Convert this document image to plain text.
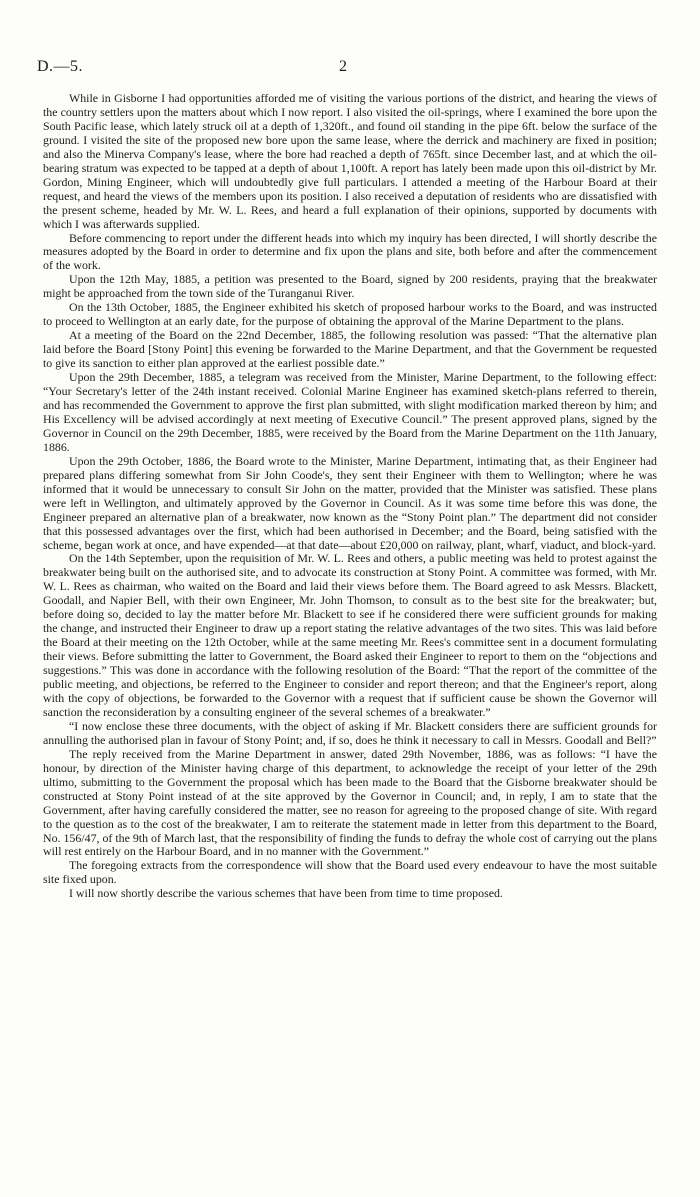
D.—5.	2

While in Gisborne I had opportunities afforded me of visiting the various portions of the district, and hearing the views of the country settlers upon the matters about which I now report. I also visited the oil-springs, where I examined the bore upon the South Pacific lease, which lately struck oil at a depth of 1,320ft., and found oil standing in the pipe 6ft. below the surface of the ground. I visited the site of the proposed new bore upon the same lease, where the derrick and machinery are fixed in position; and also the Minerva Company's lease, where the bore had reached a depth of 765ft. since December last, and at which the oil-bearing stratum was expected to be tapped at a depth of about 1,100ft. A report has lately been made upon this oil-district by Mr. Gordon, Mining Engineer, which will undoubtedly give full particulars. I attended a meeting of the Harbour Board at their request, and heard the views of the members upon its position. I also received a deputation of residents who are dissatisfied with the present scheme, headed by Mr. W. L. Rees, and heard a full explanation of their opinions, supported by documents with which I was afterwards supplied.

Before commencing to report under the different heads into which my inquiry has been directed, I will shortly describe the measures adopted by the Board in order to determine and fix upon the plans and site, both before and after the commencement of the work.

Upon the 12th May, 1885, a petition was presented to the Board, signed by 200 residents, praying that the breakwater might be approached from the town side of the Turanganui River.

On the 13th October, 1885, the Engineer exhibited his sketch of proposed harbour works to the Board, and was instructed to proceed to Wellington at an early date, for the purpose of obtaining the approval of the Marine Department to the plans.

At a meeting of the Board on the 22nd December, 1885, the following resolution was passed: “That the alternative plan laid before the Board [Stony Point] this evening be forwarded to the Marine Department, and that the Government be requested to give its sanction to either plan approved at the earliest possible date.”

Upon the 29th December, 1885, a telegram was received from the Minister, Marine Department, to the following effect: “Your Secretary's letter of the 24th instant received. Colonial Marine Engineer has examined sketch-plans referred to therein, and has recommended the Government to approve the first plan submitted, with slight modification marked thereon by him; and His Excellency will be advised accordingly at next meeting of Executive Council.” The present approved plans, signed by the Governor in Council on the 29th December, 1885, were received by the Board from the Marine Department on the 11th January, 1886.

Upon the 29th October, 1886, the Board wrote to the Minister, Marine Department, intimating that, as their Engineer had prepared plans differing somewhat from Sir John Coode's, they sent their Engineer with them to Wellington; where he was informed that it would be unnecessary to consult Sir John on the matter, provided that the Minister was satisfied. These plans were left in Wellington, and ultimately approved by the Governor in Council. As it was some time before this was done, the Engineer prepared an alternative plan of a breakwater, now known as the “Stony Point plan.” The department did not consider that this possessed advantages over the first, which had been authorised in December; and the Board, being satisfied with the scheme, began work at once, and have expended—at that date—about £20,000 on railway, plant, wharf, viaduct, and block-yard.

On the 14th September, upon the requisition of Mr. W. L. Rees and others, a public meeting was held to protest against the breakwater being built on the authorised site, and to advocate its construction at Stony Point. A committee was formed, with Mr. W. L. Rees as chairman, who waited on the Board and laid their views before them. The Board agreed to ask Messrs. Blackett, Goodall, and Napier Bell, with their own Engineer, Mr. John Thomson, to consult as to the best site for the breakwater; but, before doing so, decided to lay the matter before Mr. Blackett to see if he considered there were sufficient grounds for making the change, and instructed their Engineer to draw up a report stating the relative advantages of the two sites. This was laid before the Board at their meeting on the 12th October, while at the same meeting Mr. Rees's committee sent in a document formulating their views. Before submitting the latter to Government, the Board asked their Engineer to report to them on the “objections and suggestions.” This was done in accordance with the following resolution of the Board: “That the report of the committee of the public meeting, and objections, be referred to the Engineer to consider and report thereon; and that the Engineer's report, along with the copy of objections, be forwarded to the Governor with a request that if sufficient cause be shown the Governor will sanction the reconsideration by a consulting engineer of the several schemes of a breakwater.”

“I now enclose these three documents, with the object of asking if Mr. Blackett considers there are sufficient grounds for annulling the authorised plan in favour of Stony Point; and, if so, does he think it necessary to call in Messrs. Goodall and Bell?”

The reply received from the Marine Department in answer, dated 29th November, 1886, was as follows: “I have the honour, by direction of the Minister having charge of this department, to acknowledge the receipt of your letter of the 29th ultimo, submitting to the Government the proposal which has been made to the Board that the Gisborne breakwater should be constructed at Stony Point instead of at the site approved by the Governor in Council; and, in reply, I am to state that the Government, after having carefully considered the matter, see no reason for agreeing to the proposed change of site. With regard to the question as to the cost of the breakwater, I am to reiterate the statement made in letter from this department to the Board, No. 156/47, of the 9th of March last, that the responsibility of finding the funds to defray the whole cost of carrying out the plans will rest entirely on the Harbour Board, and in no manner with the Government.”

The foregoing extracts from the correspondence will show that the Board used every endeavour to have the most suitable site fixed upon.

I will now shortly describe the various schemes that have been from time to time proposed.
